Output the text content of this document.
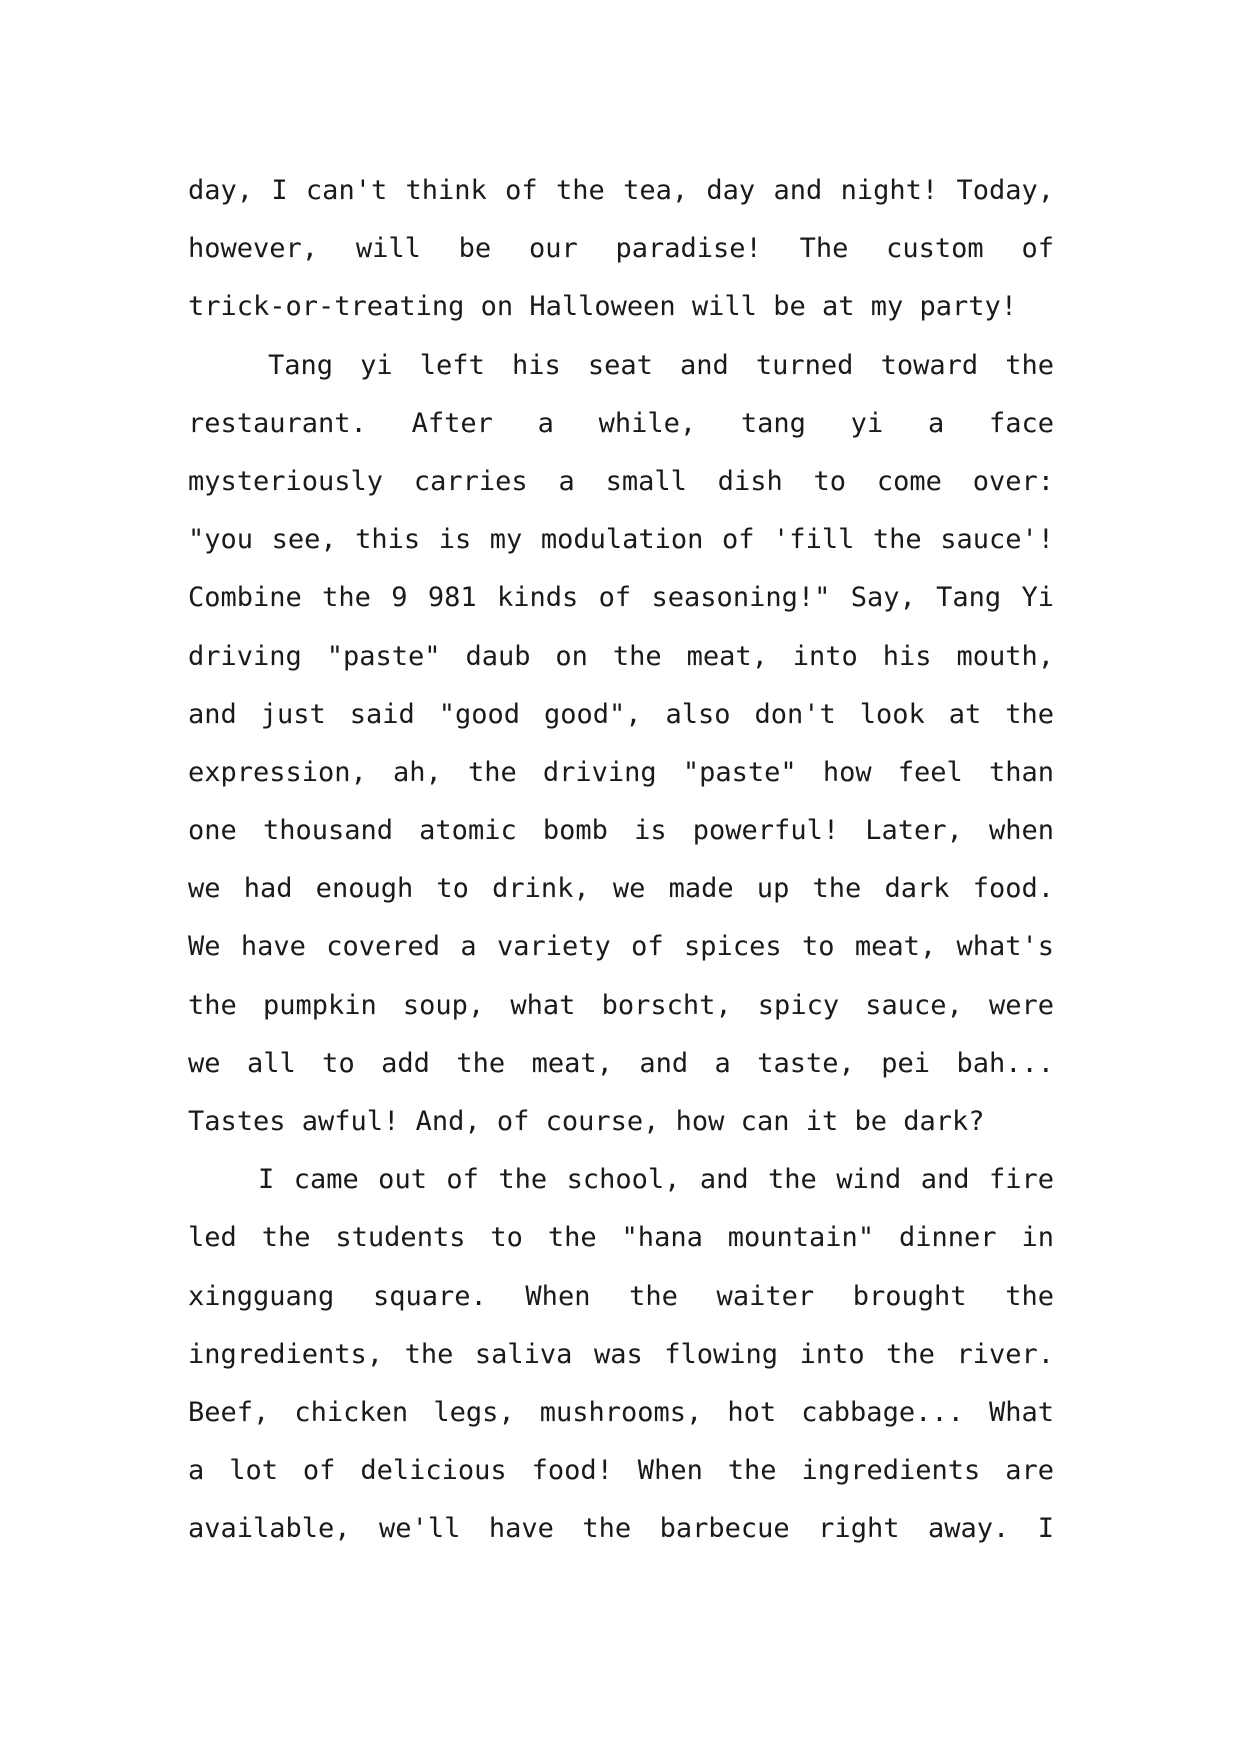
day, I can't think of the tea, day and night! Today,
however, will be our paradise! The custom of
trick-or-treating on Halloween will be at my party!
Tang yi left his seat and turned toward the
restaurant. After a while, tang yi a face
mysteriously carries a small dish to come over:
"you see, this is my modulation of 'fill the sauce'!
Combine the 9 981 kinds of seasoning!" Say, Tang Yi
driving "paste" daub on the meat, into his mouth,
and just said "good good", also don't look at the
expression, ah, the driving "paste" how feel than
one thousand atomic bomb is powerful! Later, when
we had enough to drink, we made up the dark food.
We have covered a variety of spices to meat, what's
the pumpkin soup, what borscht, spicy sauce, were
we all to add the meat, and a taste, pei bah...
Tastes awful! And, of course, how can it be dark?
I came out of the school, and the wind and fire
led the students to the "hana mountain" dinner in
xingguang square. When the waiter brought the
ingredients, the saliva was flowing into the river.
Beef, chicken legs, mushrooms, hot cabbage... What
a lot of delicious food! When the ingredients are
available, we'll have the barbecue right away. I
